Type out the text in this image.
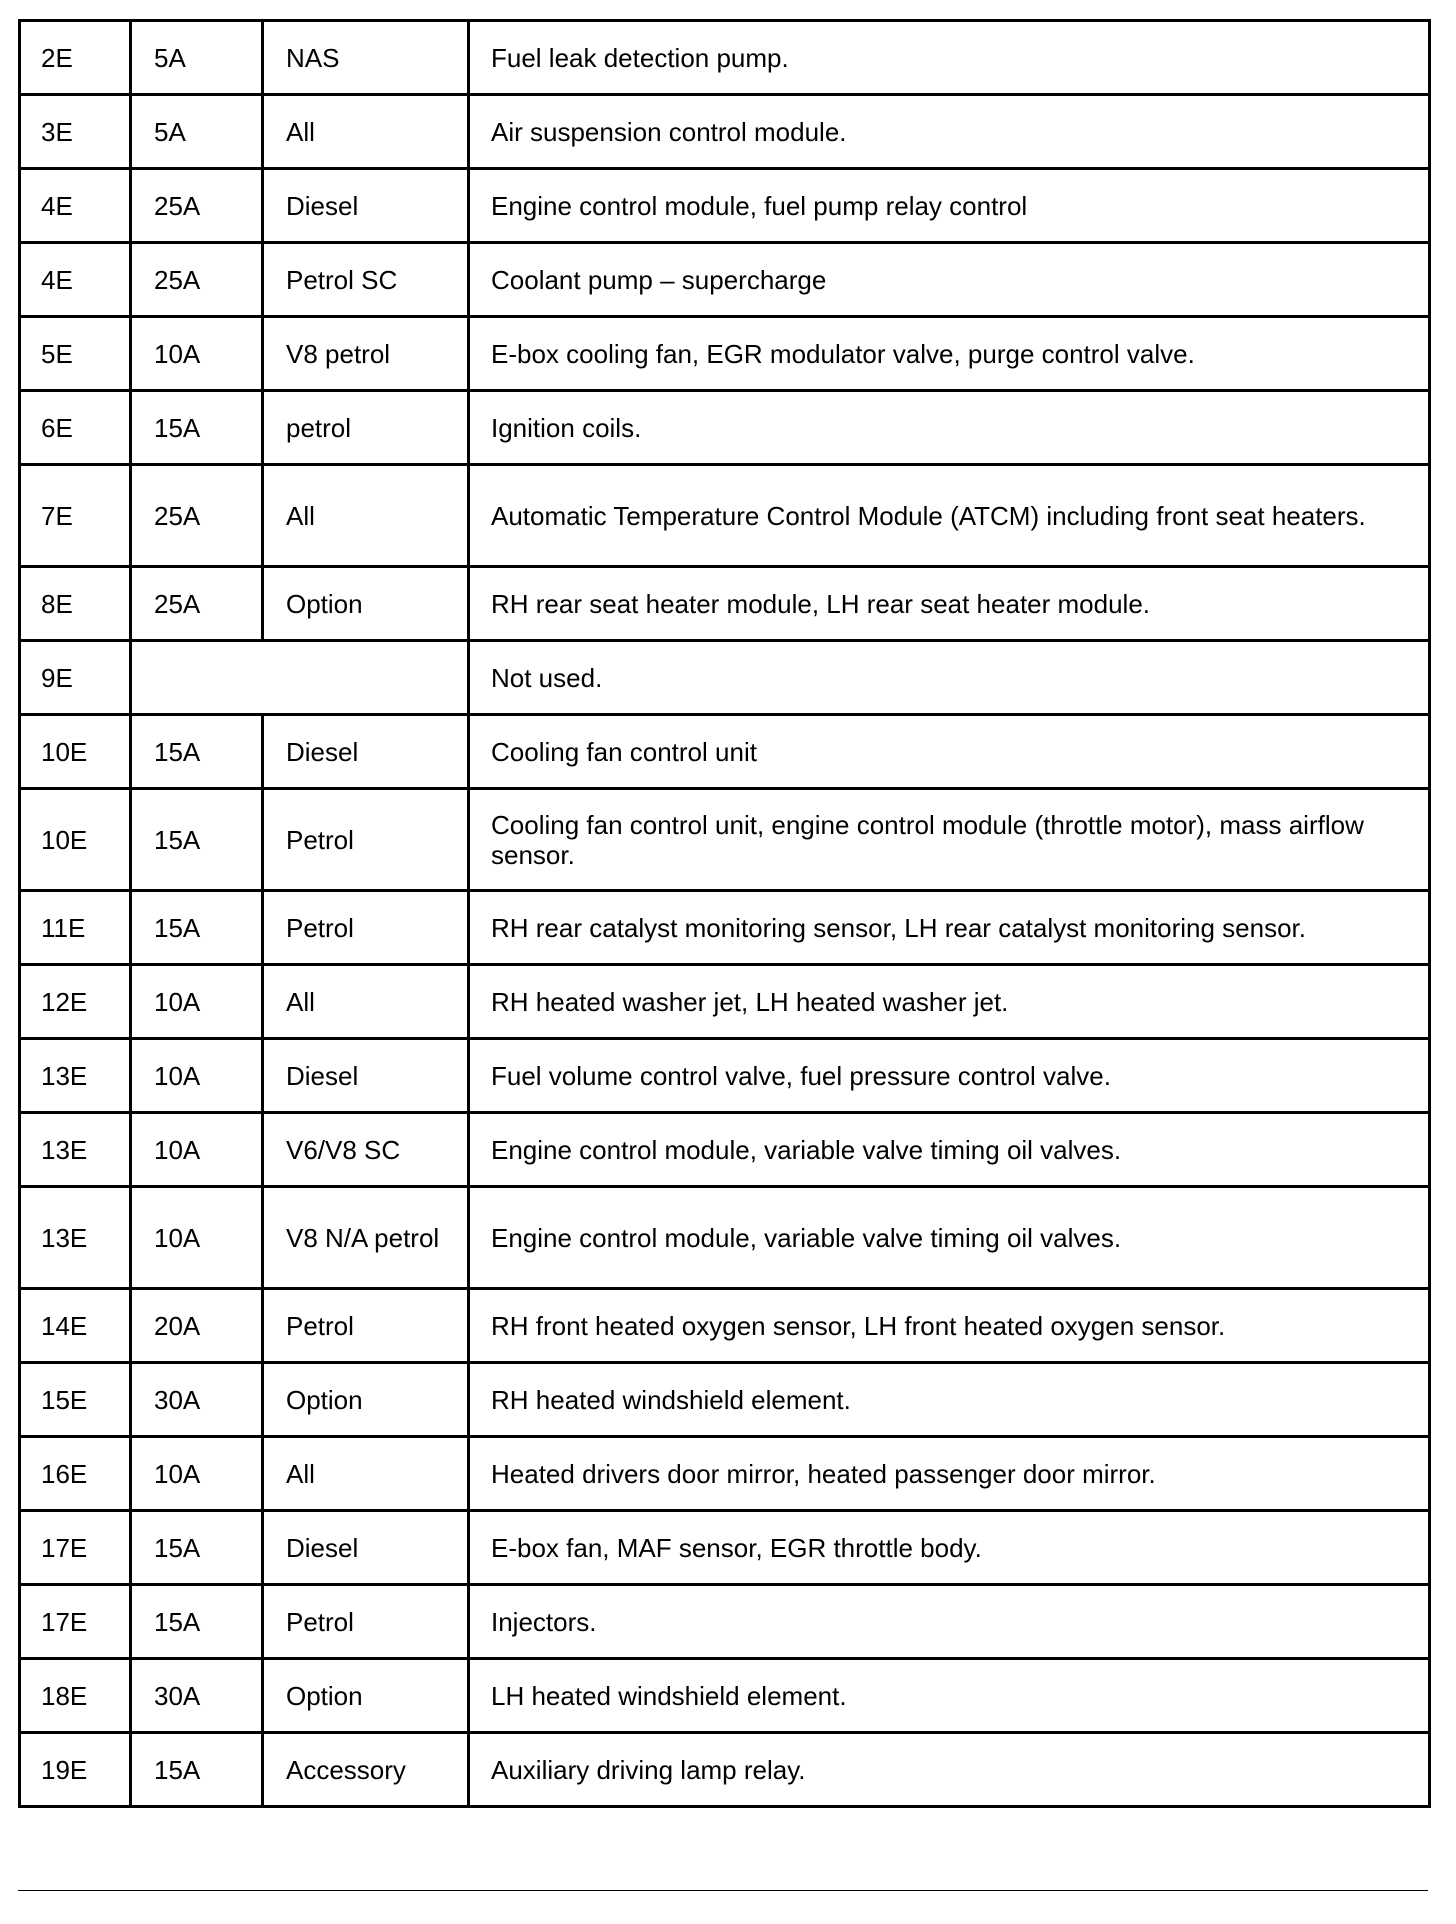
2E	5A	NAS	Fuel leak detection pump.
3E	5A	All	Air suspension control module.
4E	25A	Diesel	Engine control module, fuel pump relay control
4E	25A	Petrol SC	Coolant pump – supercharge
5E	10A	V8 petrol	E-box cooling fan, EGR modulator valve, purge control valve.
6E	15A	petrol	Ignition coils.
7E	25A	All	Automatic Temperature Control Module (ATCM) including front seat heaters.
8E	25A	Option	RH rear seat heater module, LH rear seat heater module.
9E			Not used.
10E	15A	Diesel	Cooling fan control unit
10E	15A	Petrol	Cooling fan control unit, engine control module (throttle motor), mass airflow sensor.
11E	15A	Petrol	RH rear catalyst monitoring sensor, LH rear catalyst monitoring sensor.
12E	10A	All	RH heated washer jet, LH heated washer jet.
13E	10A	Diesel	Fuel volume control valve, fuel pressure control valve.
13E	10A	V6/V8 SC	Engine control module, variable valve timing oil valves.
13E	10A	V8 N/A petrol	Engine control module, variable valve timing oil valves.
14E	20A	Petrol	RH front heated oxygen sensor, LH front heated oxygen sensor.
15E	30A	Option	RH heated windshield element.
16E	10A	All	Heated drivers door mirror, heated passenger door mirror.
17E	15A	Diesel	E-box fan, MAF sensor, EGR throttle body.
17E	15A	Petrol	Injectors.
18E	30A	Option	LH heated windshield element.
19E	15A	Accessory	Auxiliary driving lamp relay.
